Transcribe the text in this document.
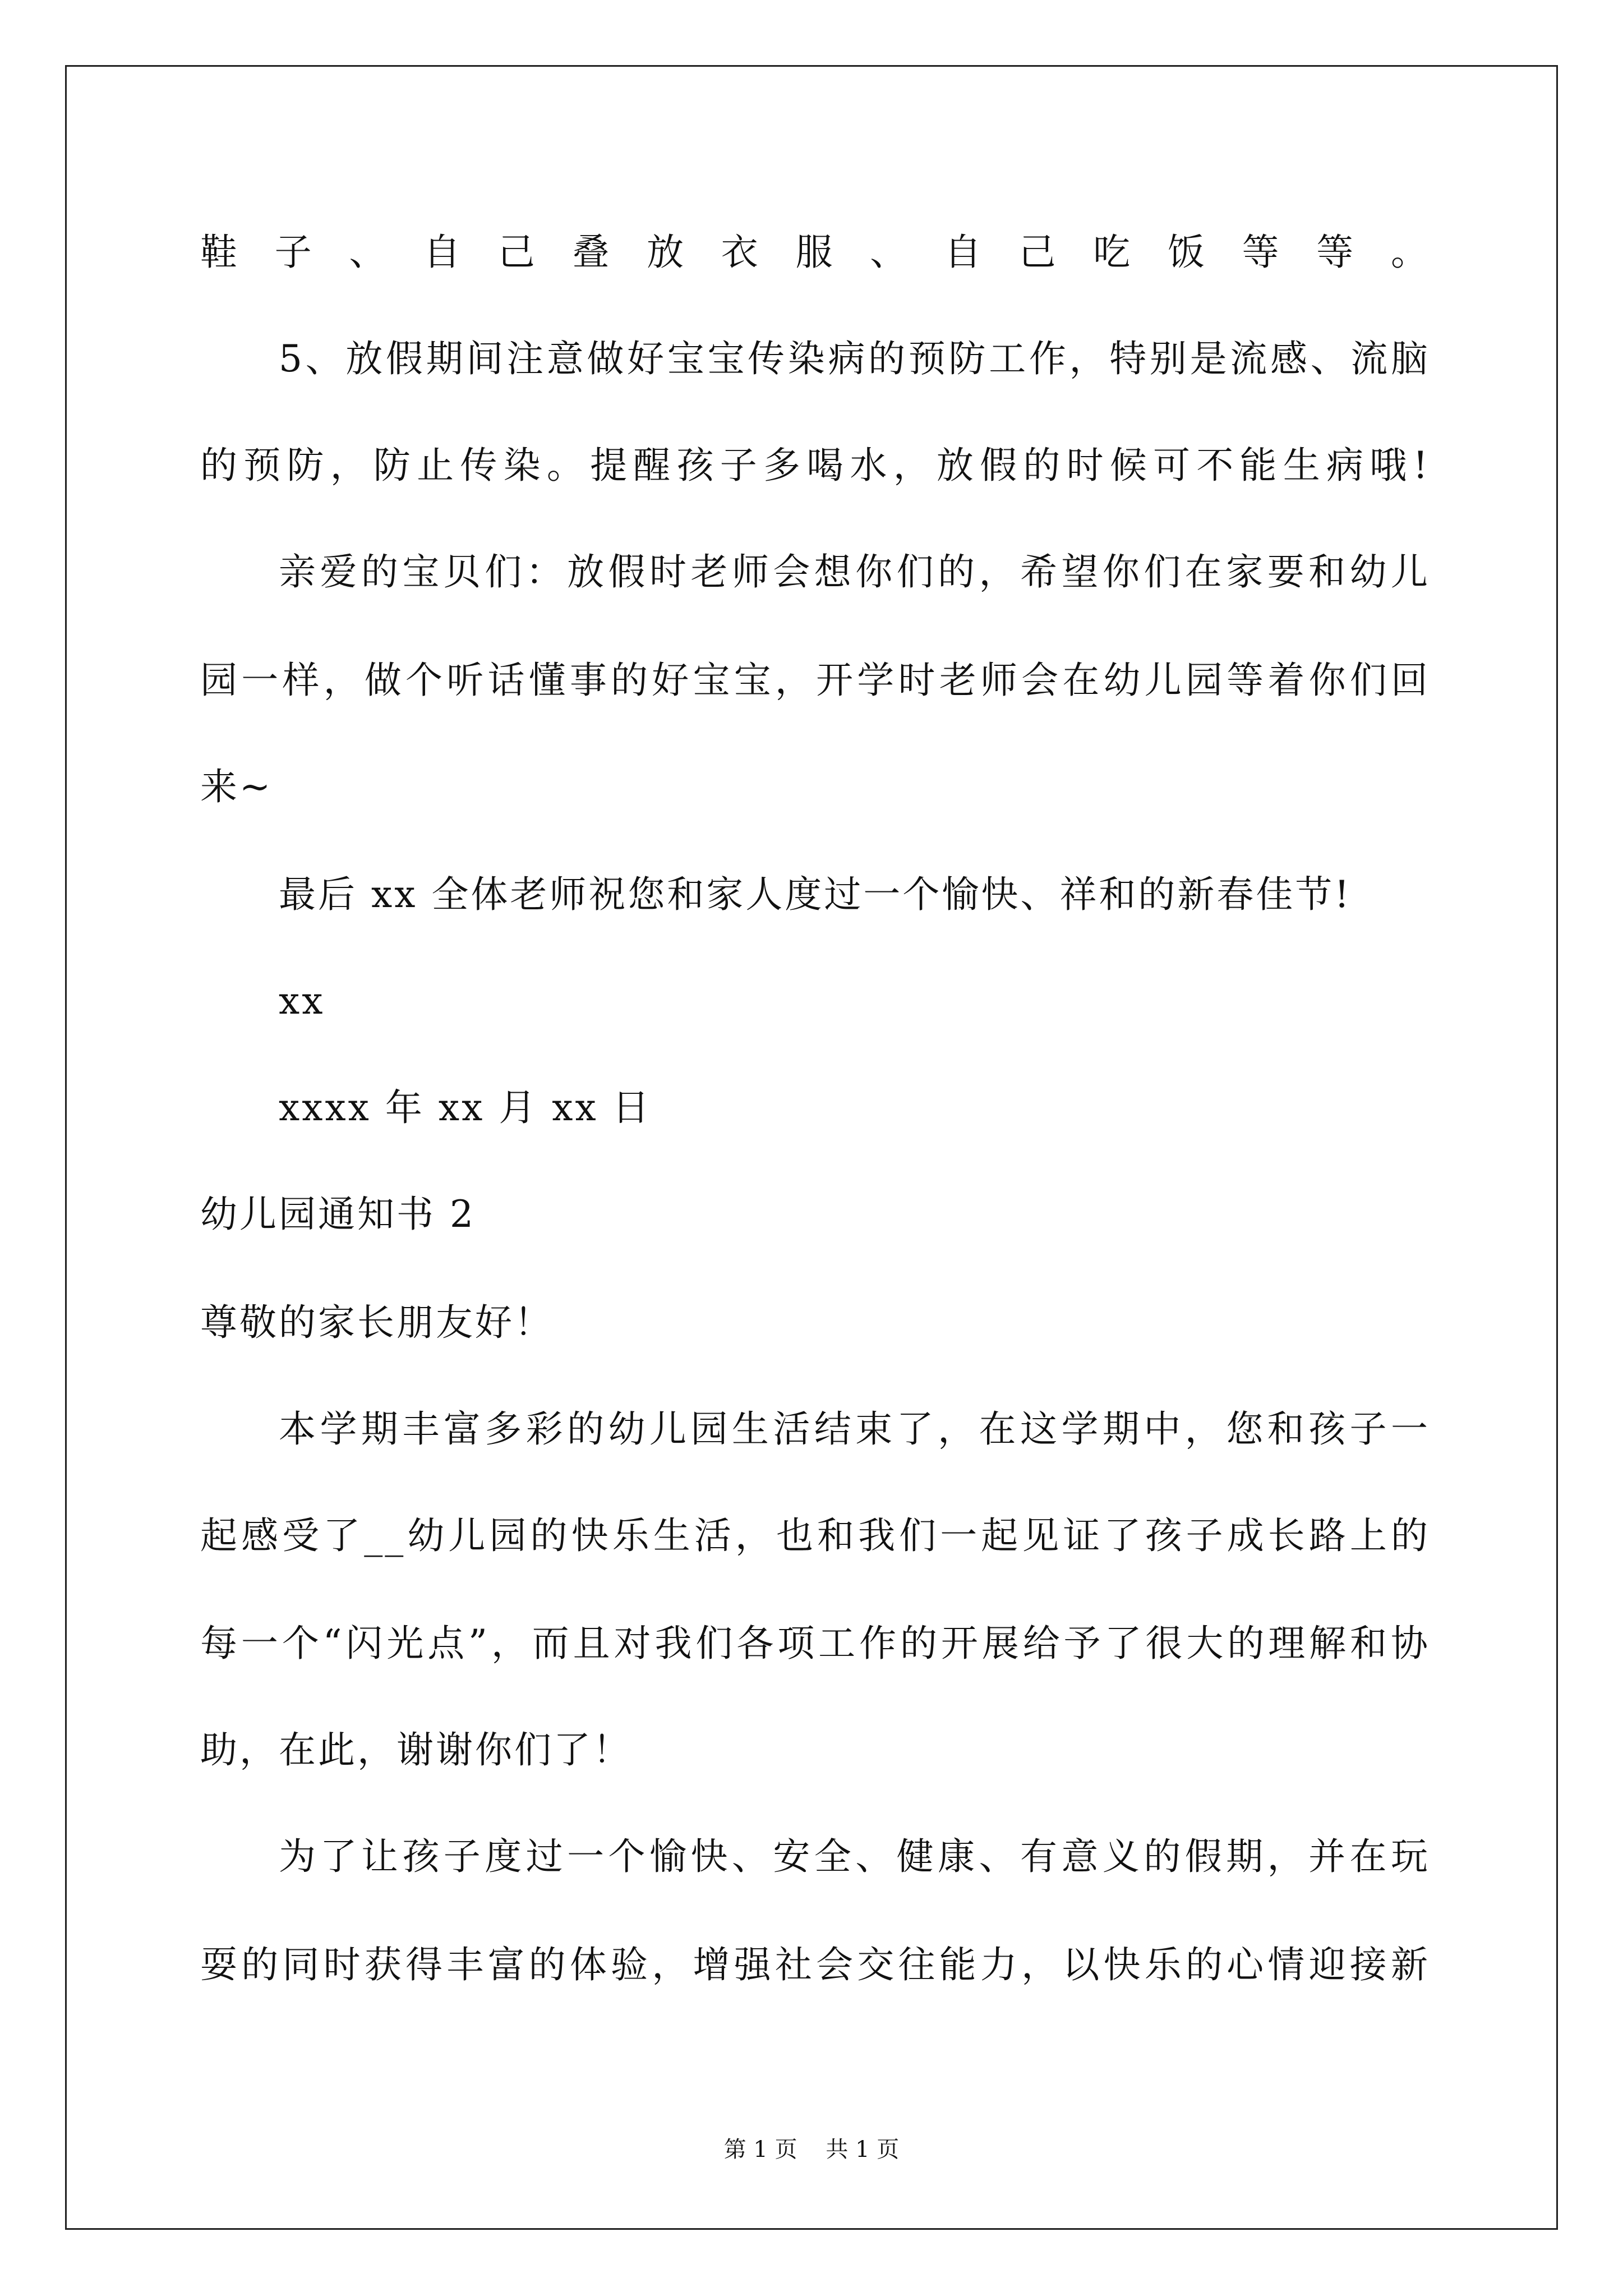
鞋子、自己叠放衣服、自己吃饭等等。
5、放假期间注意做好宝宝传染病的预防工作，特别是流感、流脑
的预防，防止传染。提醒孩子多喝水，放假的时候可不能生病哦!
亲爱的宝贝们：放假时老师会想你们的，希望你们在家要和幼儿
园一样，做个听话懂事的好宝宝，开学时老师会在幼儿园等着你们回
来~
最后 xx 全体老师祝您和家人度过一个愉快、祥和的新春佳节!
xx
xxxx 年 xx 月 xx 日
幼儿园通知书 2
尊敬的家长朋友好！
本学期丰富多彩的幼儿园生活结束了，在这学期中，您和孩子一
起感受了__幼儿园的快乐生活，也和我们一起见证了孩子成长路上的
每一个“闪光点”，而且对我们各项工作的开展给予了很大的理解和协
助，在此，谢谢你们了！
为了让孩子度过一个愉快、安全、健康、有意义的假期，并在玩
耍的同时获得丰富的体验，增强社会交往能力，以快乐的心情迎接新
第 1 页    共 1 页
